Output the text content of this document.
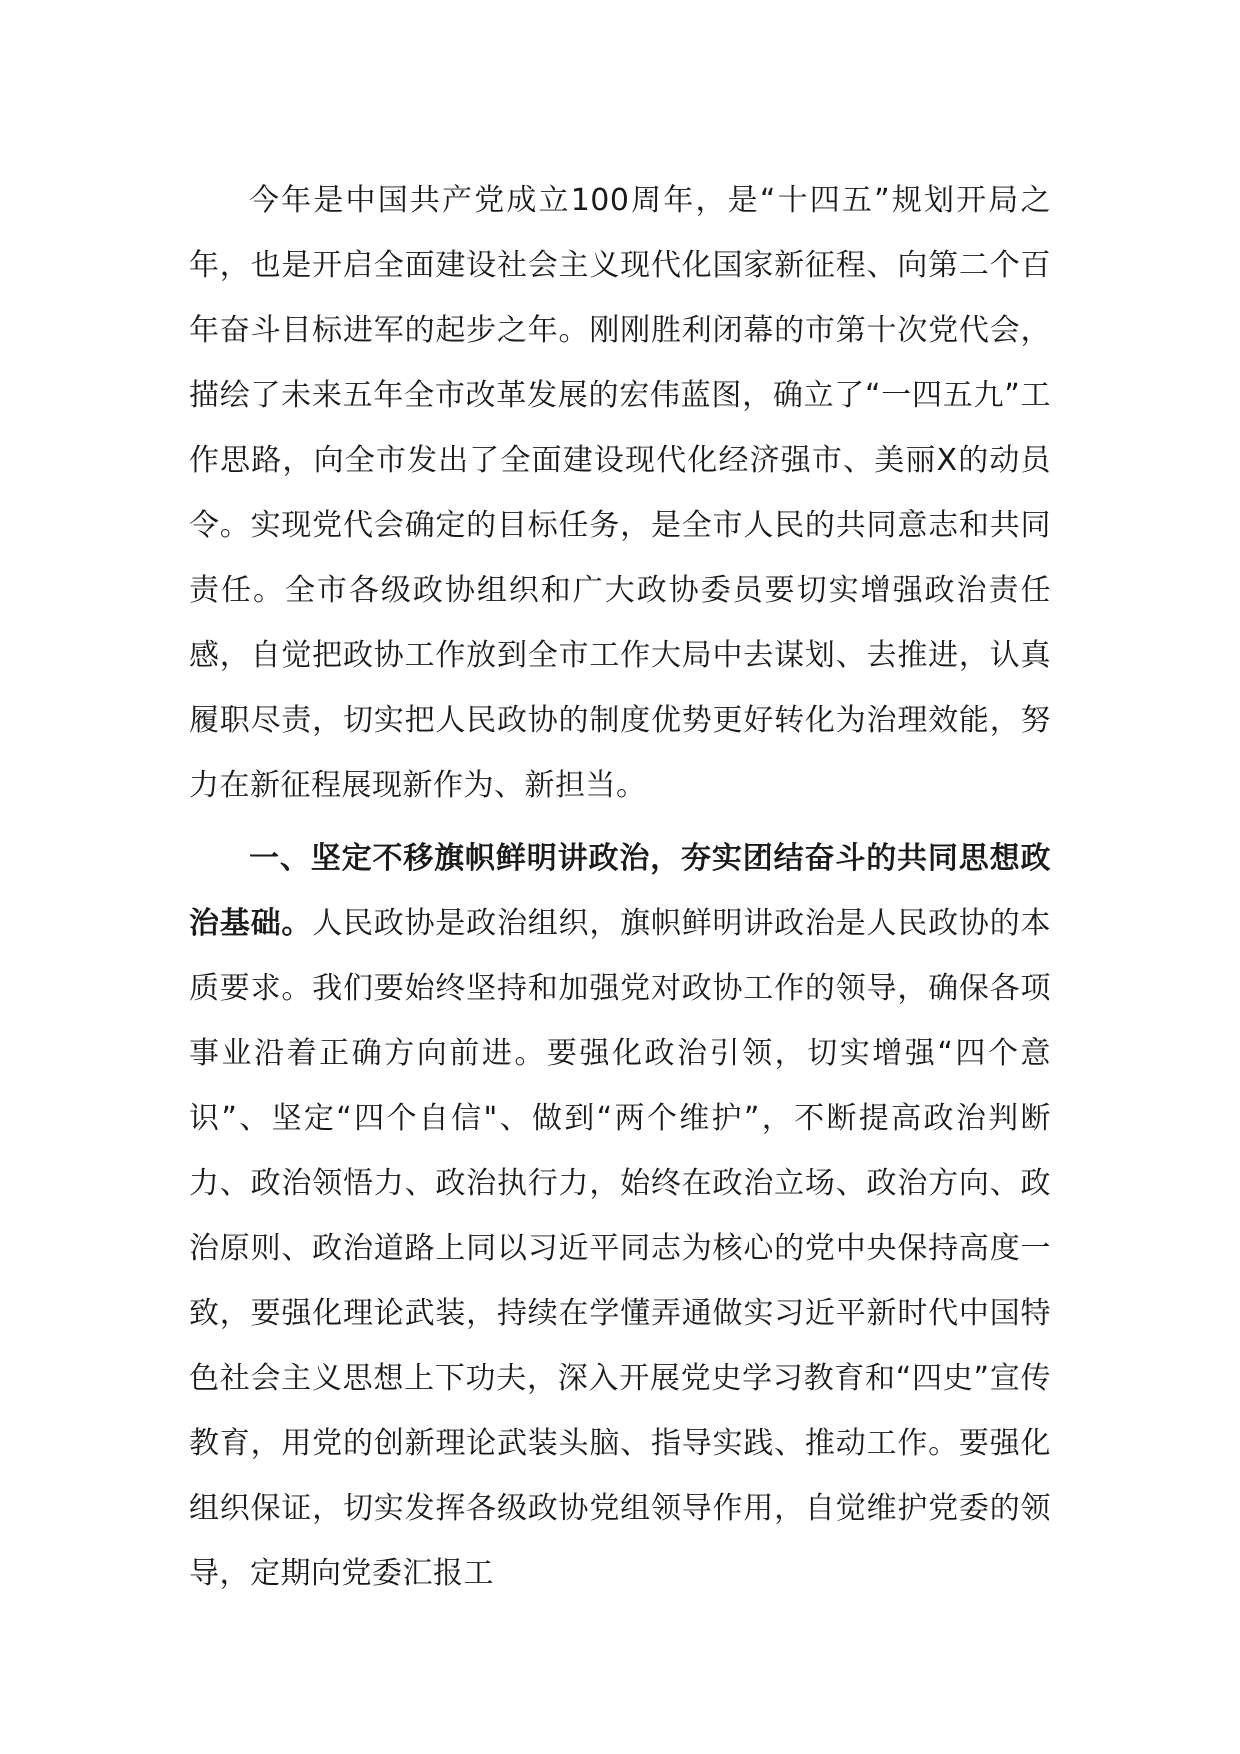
今年是中国共产党成立100周年，是“十四五”规划开局之年，也是开启全面建设社会主义现代化国家新征程、向第二个百年奋斗目标进军的起步之年。刚刚胜利闭幕的市第十次党代会，描绘了未来五年全市改革发展的宏伟蓝图，确立了“一四五九”工作思路，向全市发出了全面建设现代化经济强市、美丽X的动员令。实现党代会确定的目标任务，是全市人民的共同意志和共同责任。全市各级政协组织和广大政协委员要切实增强政治责任感，自觉把政协工作放到全市工作大局中去谋划、去推进，认真履职尽责，切实把人民政协的制度优势更好转化为治理效能，努力在新征程展现新作为、新担当。

一、坚定不移旗帜鲜明讲政治，夯实团结奋斗的共同思想政治基础。人民政协是政治组织，旗帜鲜明讲政治是人民政协的本质要求。我们要始终坚持和加强党对政协工作的领导，确保各项事业沿着正确方向前进。要强化政治引领，切实增强“四个意识”、坚定“四个自信"、做到“两个维护”，不断提高政治判断力、政治领悟力、政治执行力，始终在政治立场、政治方向、政治原则、政治道路上同以习近平同志为核心的党中央保持高度一致，要强化理论武装，持续在学懂弄通做实习近平新时代中国特色社会主义思想上下功夫，深入开展党史学习教育和“四史”宣传教育，用党的创新理论武装头脑、指导实践、推动工作。要强化组织保证，切实发挥各级政协党组领导作用，自觉维护党委的领导，定期向党委汇报工
